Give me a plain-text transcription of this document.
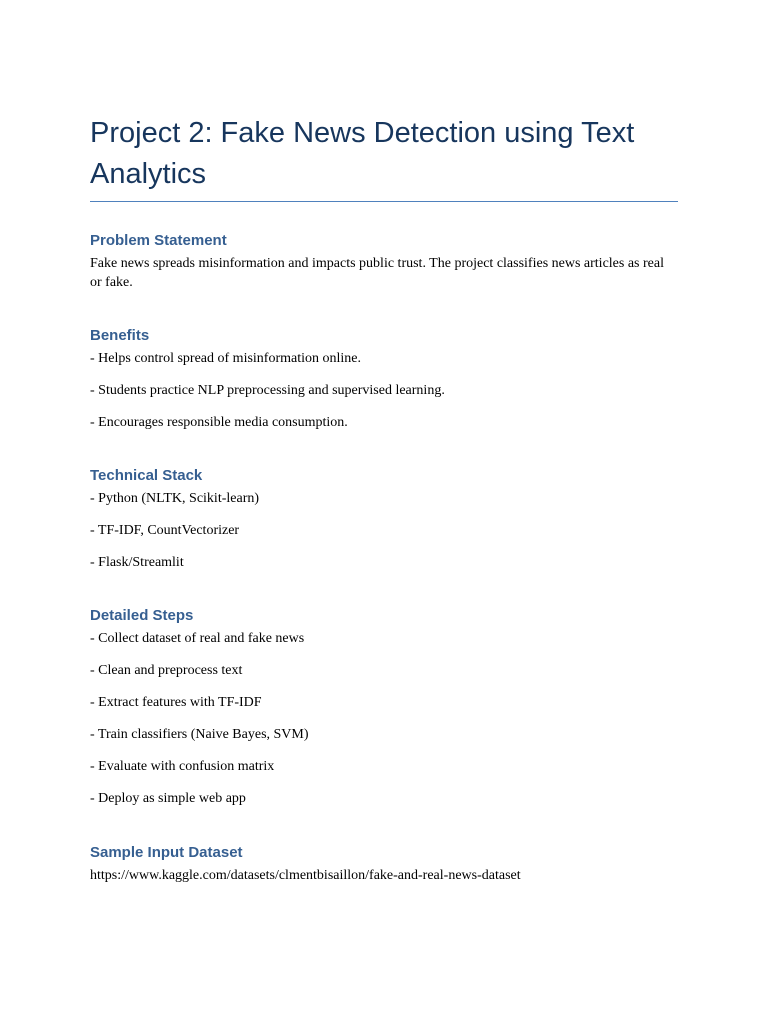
Project 2: Fake News Detection using Text Analytics
Problem Statement

Fake news spreads misinformation and impacts public trust. The project classifies news articles as real or fake.

Benefits

- Helps control spread of misinformation online.

- Students practice NLP preprocessing and supervised learning.

- Encourages responsible media consumption.

Technical Stack

- Python (NLTK, Scikit-learn)

- TF-IDF, CountVectorizer

- Flask/Streamlit

Detailed Steps

- Collect dataset of real and fake news

- Clean and preprocess text

- Extract features with TF-IDF

- Train classifiers (Naive Bayes, SVM)

- Evaluate with confusion matrix

- Deploy as simple web app

Sample Input Dataset

https://www.kaggle.com/datasets/clmentbisaillon/fake-and-real-news-dataset
